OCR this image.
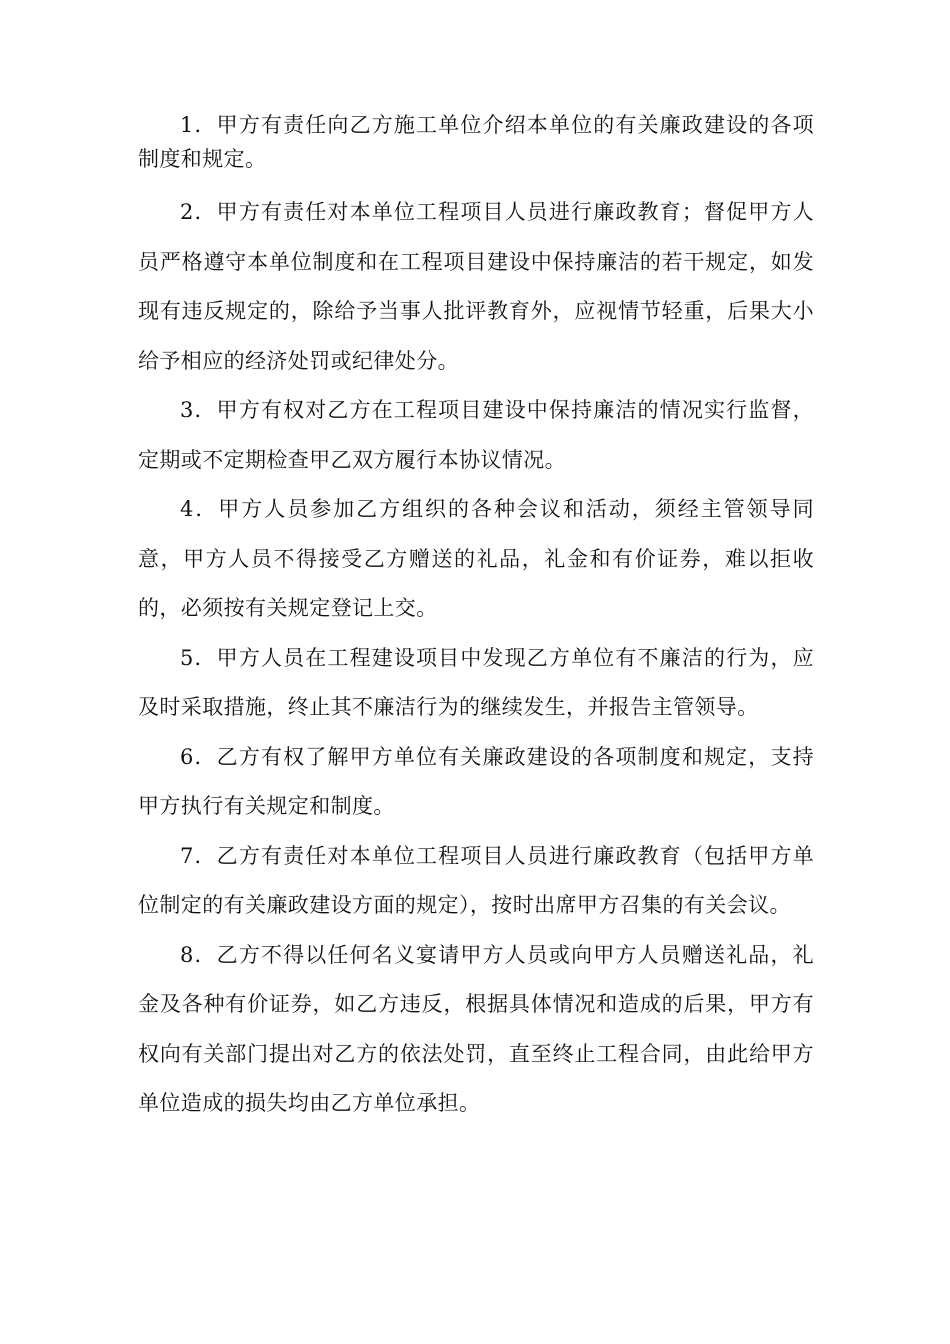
1．甲方有责任向乙方施工单位介绍本单位的有关廉政建设的各项制度和规定。

2．甲方有责任对本单位工程项目人员进行廉政教育；督促甲方人员严格遵守本单位制度和在工程项目建设中保持廉洁的若干规定，如发现有违反规定的，除给予当事人批评教育外，应视情节轻重，后果大小给予相应的经济处罚或纪律处分。

3．甲方有权对乙方在工程项目建设中保持廉洁的情况实行监督，定期或不定期检查甲乙双方履行本协议情况。

4．甲方人员参加乙方组织的各种会议和活动，须经主管领导同意，甲方人员不得接受乙方赠送的礼品，礼金和有价证券，难以拒收的，必须按有关规定登记上交。

5．甲方人员在工程建设项目中发现乙方单位有不廉洁的行为，应及时采取措施，终止其不廉洁行为的继续发生，并报告主管领导。

6．乙方有权了解甲方单位有关廉政建设的各项制度和规定，支持甲方执行有关规定和制度。

7．乙方有责任对本单位工程项目人员进行廉政教育（包括甲方单位制定的有关廉政建设方面的规定），按时出席甲方召集的有关会议。

8．乙方不得以任何名义宴请甲方人员或向甲方人员赠送礼品，礼金及各种有价证券，如乙方违反，根据具体情况和造成的后果，甲方有权向有关部门提出对乙方的依法处罚，直至终止工程合同，由此给甲方单位造成的损失均由乙方单位承担。
